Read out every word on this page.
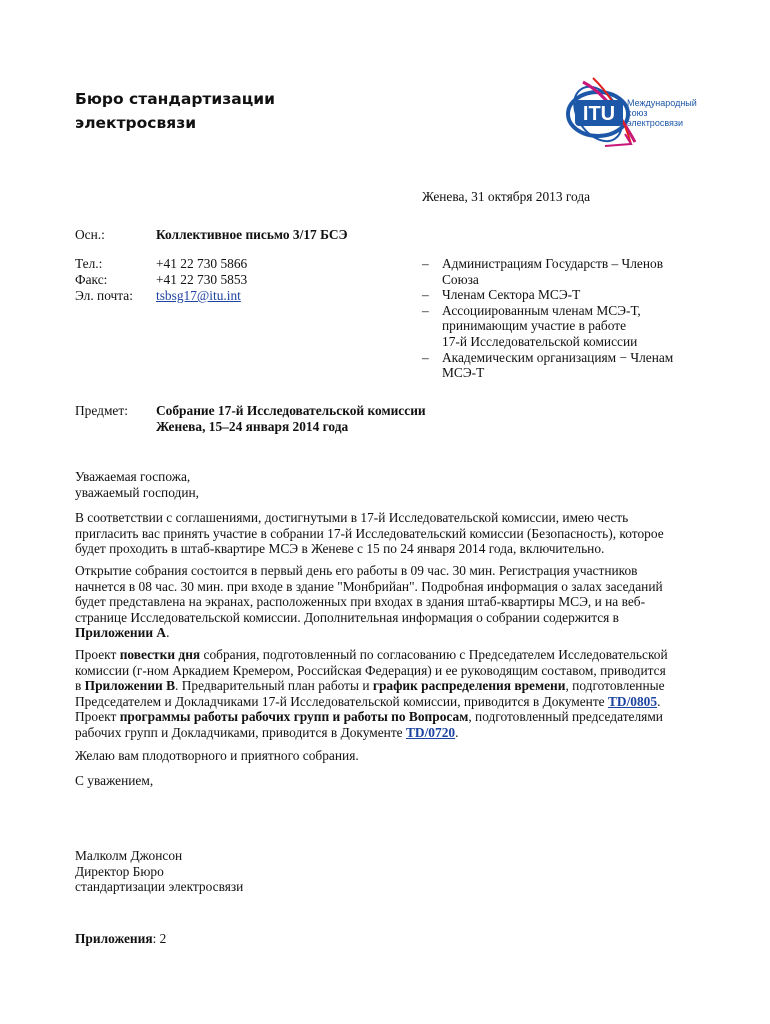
Бюро стандартизации
электросвязи	ITU Международный
союз
электросвязи
Женева, 31 октября 2013 года
Осн.:	Коллективное письмо 3/17 БСЭ
Тел.:	+41 22 730 5866
Факс:	+41 22 730 5853
Эл. почта: tsbsg17@itu.int
– Администрациям Государств – Членов
Союза
– Членам Сектора МСЭ-Т
– Ассоциированным членам МСЭ-Т,
принимающим участие в работе
17-й Исследовательской комиссии
– Академическим организациям − Членам
МСЭ-Т
Предмет: Собрание 17-й Исследовательской комиссии
Женева, 15–24 января 2014 года
Уважаемая госпожа,
уважаемый господин,
В соответствии с соглашениями, достигнутыми в 17-й Исследовательской комиссии, имею честь
пригласить вас принять участие в собрании 17-й Исследовательский комиссии (Безопасность), которое
будет проходить в штаб-квартире МСЭ в Женеве с 15 по 24 января 2014 года, включительно.
Открытие собрания состоится в первый день его работы в 09 час. 30 мин. Регистрация участников
начнется в 08 час. 30 мин. при входе в здание "Монбрийан". Подробная информация о залах заседаний
будет представлена на экранах, расположенных при входах в здания штаб-квартиры МСЭ, и на веб-
странице Исследовательской комиссии. Дополнительная информация о собрании содержится в
Приложении А.
Проект повестки дня собрания, подготовленный по согласованию с Председателем Исследовательской
комиссии (г-ном Аркадием Кремером, Российская Федерация) и ее руководящим составом, приводится
в Приложении B. Предварительный план работы и график распределения времени, подготовленные
Председателем и Докладчиками 17-й Исследовательской комиссии, приводится в Документе TD/0805.
Проект программы работы рабочих групп и работы по Вопросам, подготовленный председателями
рабочих групп и Докладчиками, приводится в Документе TD/0720.
Желаю вам плодотворного и приятного собрания.
С уважением,
Малколм Джонсон
Директор Бюро
стандартизации электросвязи
Приложения: 2
